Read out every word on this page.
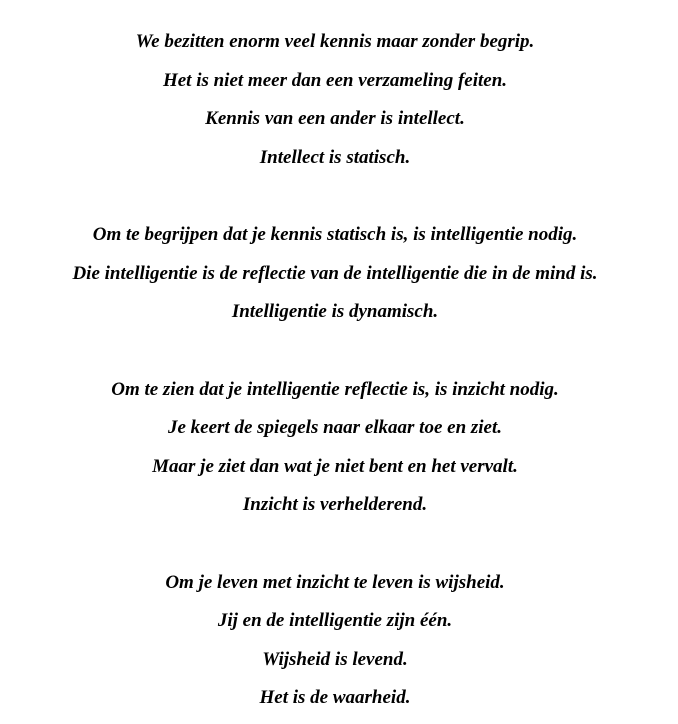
We bezitten enorm veel kennis maar zonder begrip.
Het is niet meer dan een verzameling feiten.
Kennis van een ander is intellect.
Intellect is statisch.
Om te begrijpen dat je kennis statisch is, is intelligentie nodig.
Die intelligentie is de reflectie van de intelligentie die in de mind is.
Intelligentie is dynamisch.
Om te zien dat je intelligentie reflectie is, is inzicht nodig.
Je keert de spiegels naar elkaar toe en ziet.
Maar je ziet dan wat je niet bent en het vervalt.
Inzicht is verhelderend.
Om je leven met inzicht te leven is wijsheid.
Jij en de intelligentie zijn één.
Wijsheid is levend.
Het is de waarheid.
